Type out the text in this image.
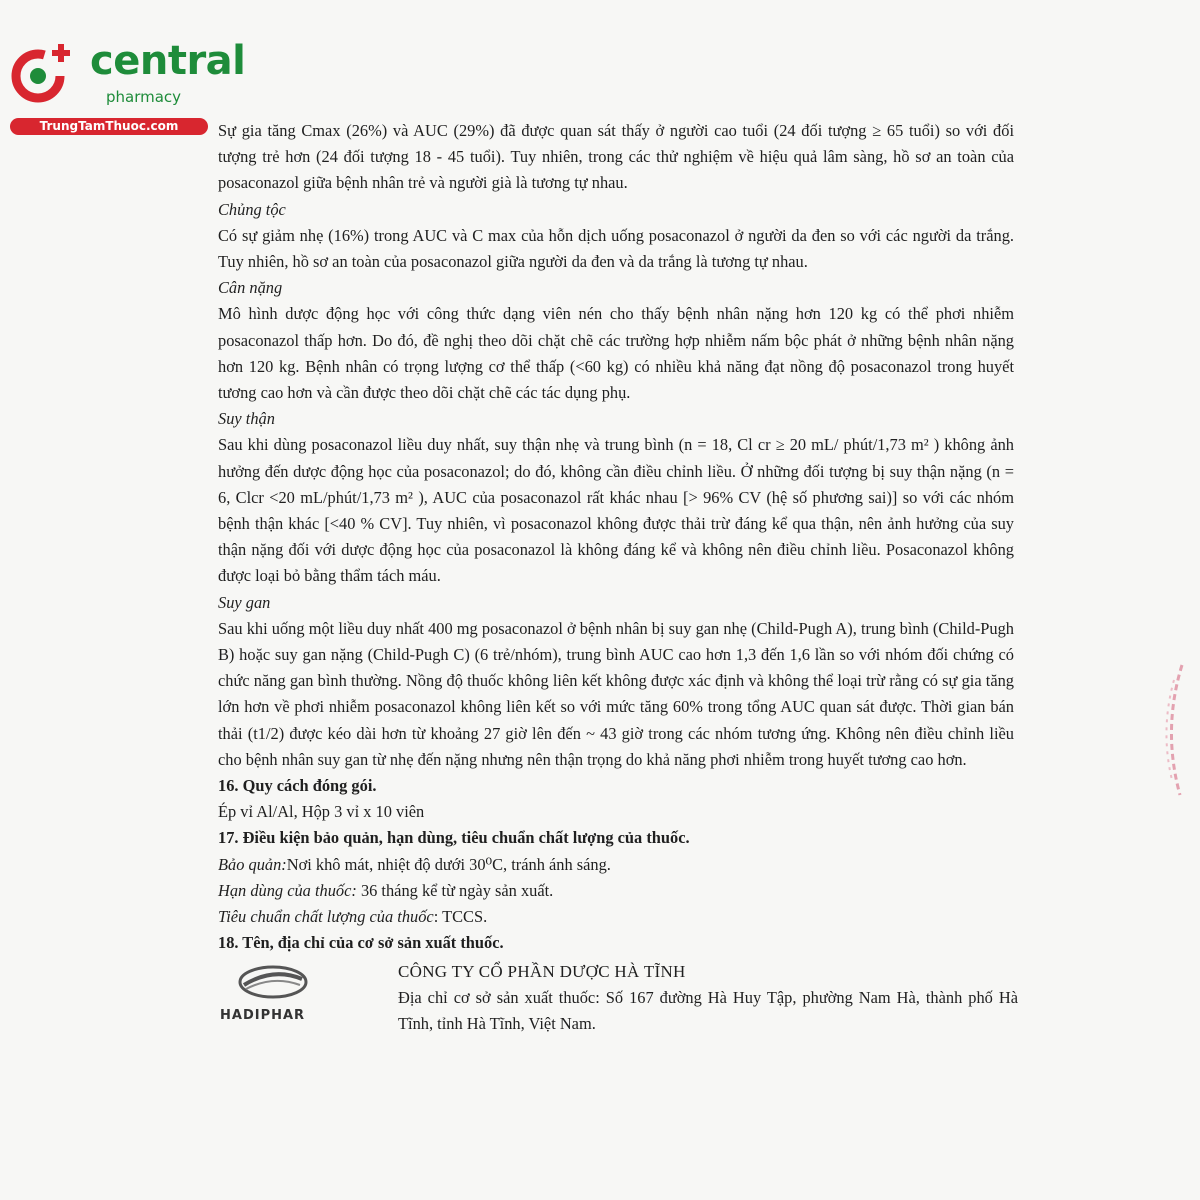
central
pharmacy
TrungTamThuoc.com	Sự gia tăng Cmax (26%) và AUC (29%) đã được quan sát thấy ở người cao tuổi (24 đối tượng ≥ 65 tuổi) so với đối tượng trẻ hơn (24 đối tượng 18 - 45 tuổi). Tuy nhiên, trong các thử nghiệm về hiệu quả lâm sàng, hồ sơ an toàn của posaconazol giữa bệnh nhân trẻ và người già là tương tự nhau.

Chủng tộc

Có sự giảm nhẹ (16%) trong AUC và C max của hỗn dịch uống posaconazol ở người da đen so với các người da trắng. Tuy nhiên, hồ sơ an toàn của posaconazol giữa người da đen và da trắng là tương tự nhau.

Cân nặng

Mô hình dược động học với công thức dạng viên nén cho thấy bệnh nhân nặng hơn 120 kg có thể phơi nhiễm posaconazol thấp hơn. Do đó, đề nghị theo dõi chặt chẽ các trường hợp nhiễm nấm bộc phát ở những bệnh nhân nặng hơn 120 kg. Bệnh nhân có trọng lượng cơ thể thấp (<60 kg) có nhiều khả năng đạt nồng độ posaconazol trong huyết tương cao hơn và cần được theo dõi chặt chẽ các tác dụng phụ.

Suy thận

Sau khi dùng posaconazol liều duy nhất, suy thận nhẹ và trung bình (n = 18, Cl cr ≥ 20 mL/ phút/1,73 m² ) không ảnh hưởng đến dược động học của posaconazol; do đó, không cần điều chỉnh liều. Ở những đối tượng bị suy thận nặng (n = 6, Clcr <20 mL/phút/1,73 m² ), AUC của posaconazol rất khác nhau [> 96% CV (hệ số phương sai)] so với các nhóm bệnh thận khác [<40 % CV]. Tuy nhiên, vì posaconazol không được thải trừ đáng kể qua thận, nên ảnh hưởng của suy thận nặng đối với dược động học của posaconazol là không đáng kể và không nên điều chỉnh liều. Posaconazol không được loại bỏ bằng thẩm tách máu.

Suy gan

Sau khi uống một liều duy nhất 400 mg posaconazol ở bệnh nhân bị suy gan nhẹ (Child-Pugh A), trung bình (Child-Pugh B) hoặc suy gan nặng (Child-Pugh C) (6 trẻ/nhóm), trung bình AUC cao hơn 1,3 đến 1,6 lần so với nhóm đối chứng có chức năng gan bình thường. Nồng độ thuốc không liên kết không được xác định và không thể loại trừ rằng có sự gia tăng lớn hơn về phơi nhiễm posaconazol không liên kết so với mức tăng 60% trong tổng AUC quan sát được. Thời gian bán thải (t1/2) được kéo dài hơn từ khoảng 27 giờ lên đến ~ 43 giờ trong các nhóm tương ứng. Không nên điều chỉnh liều cho bệnh nhân suy gan từ nhẹ đến nặng nhưng nên thận trọng do khả năng phơi nhiễm trong huyết tương cao hơn.

16. Quy cách đóng gói.

Ép vỉ Al/Al, Hộp 3 vỉ x 10 viên

17. Điều kiện bảo quản, hạn dùng, tiêu chuẩn chất lượng của thuốc.

Bảo quản:Nơi khô mát, nhiệt độ dưới 30⁰C, tránh ánh sáng.

Hạn dùng của thuốc: 36 tháng kể từ ngày sản xuất.

Tiêu chuẩn chất lượng của thuốc: TCCS.

18. Tên, địa chỉ của cơ sở sản xuất thuốc.

HADIPHAR
CÔNG TY CỔ PHẦN DƯỢC HÀ TĨNH
Địa chỉ cơ sở sản xuất thuốc: Số 167 đường Hà Huy Tập, phường Nam Hà, thành phố Hà Tĩnh, tỉnh Hà Tĩnh, Việt Nam.
